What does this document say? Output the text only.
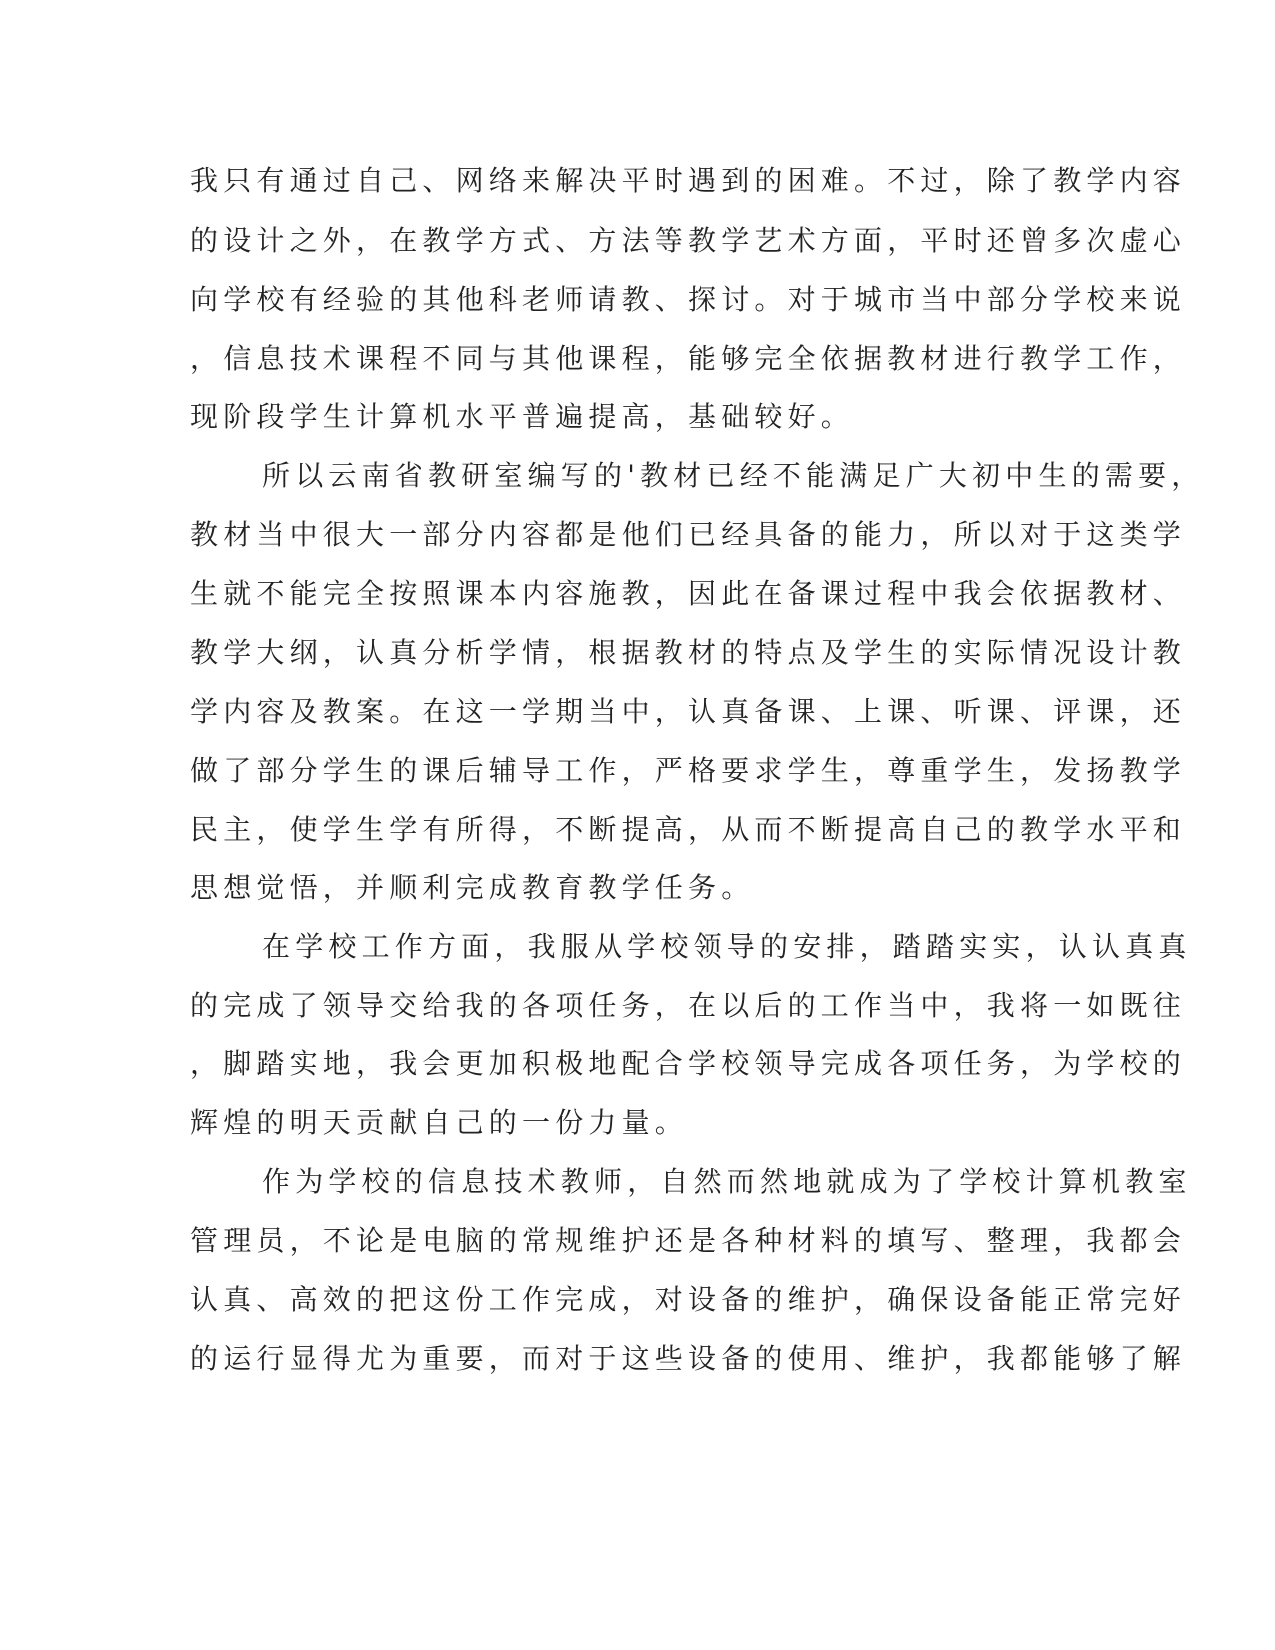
我只有通过自己、网络来解决平时遇到的困难。不过，除了教学内容
的设计之外，在教学方式、方法等教学艺术方面，平时还曾多次虚心
向学校有经验的其他科老师请教、探讨。对于城市当中部分学校来说
，信息技术课程不同与其他课程，能够完全依据教材进行教学工作，
现阶段学生计算机水平普遍提高，基础较好。
所以云南省教研室编写的'教材已经不能满足广大初中生的需要，
教材当中很大一部分内容都是他们已经具备的能力，所以对于这类学
生就不能完全按照课本内容施教，因此在备课过程中我会依据教材、
教学大纲，认真分析学情，根据教材的特点及学生的实际情况设计教
学内容及教案。在这一学期当中，认真备课、上课、听课、评课，还
做了部分学生的课后辅导工作，严格要求学生，尊重学生，发扬教学
民主，使学生学有所得，不断提高，从而不断提高自己的教学水平和
思想觉悟，并顺利完成教育教学任务。
在学校工作方面，我服从学校领导的安排，踏踏实实，认认真真
的完成了领导交给我的各项任务，在以后的工作当中，我将一如既往
，脚踏实地，我会更加积极地配合学校领导完成各项任务，为学校的
辉煌的明天贡献自己的一份力量。
作为学校的信息技术教师，自然而然地就成为了学校计算机教室
管理员，不论是电脑的常规维护还是各种材料的填写、整理，我都会
认真、高效的把这份工作完成，对设备的维护，确保设备能正常完好
的运行显得尤为重要，而对于这些设备的使用、维护，我都能够了解
